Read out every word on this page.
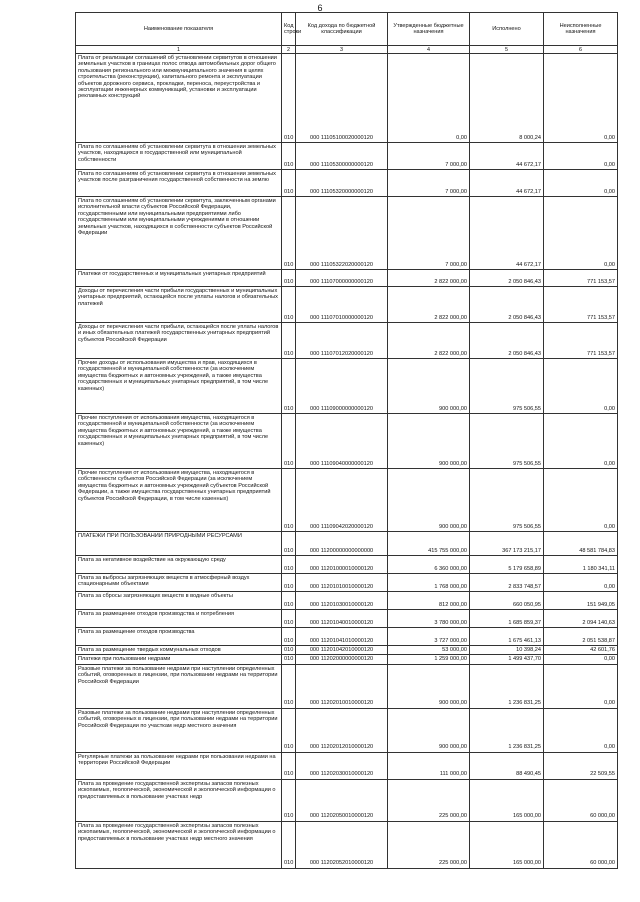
6
Наименование показателя	Код строки	Код дохода по бюджетной классификации	Утвержденные бюджетные назначения	Исполнено	Неисполненные назначения
1	2	3	4	5	6
Плата от реализации соглашений об установлении сервитутов в отношении земельных участков в границах полос отвода автомобильных дорог общего пользования регионального или межмуниципального значения в целях строительства (реконструкции), капитального ремонта и эксплуатации объектов дорожного сервиса, прокладки, переноса, переустройства и эксплуатации инженерных коммуникаций, установки и эксплуатации рекламных конструкций	010	000 11105100020000120	0,00	8 000,24	0,00
Плата по соглашениям об установлении сервитута в отношении земельных участков, находящихся в государственной или муниципальной собственности	010	000 11105300000000120	7 000,00	44 672,17	0,00
Плата по соглашениям об установлении сервитута в отношении земельных участков после разграничения государственной собственности на землю	010	000 11105320000000120	7 000,00	44 672,17	0,00
Плата по соглашениям об установлении сервитута, заключенным органами исполнительной власти субъектов Российской Федерации, государственными или муниципальными предприятиями либо государственными или муниципальными учреждениями в отношении земельных участков, находящихся в собственности субъектов Российской Федерации	010	000 11105322020000120	7 000,00	44 672,17	0,00
Платежи от государственных и муниципальных унитарных предприятий	010	000 11107000000000120	2 822 000,00	2 050 846,43	771 153,57
Доходы от перечисления части прибыли государственных и муниципальных унитарных предприятий, остающейся после уплаты налогов и обязательных платежей	010	000 11107010000000120	2 822 000,00	2 050 846,43	771 153,57
Доходы от перечисления части прибыли, остающейся после уплаты налогов и иных обязательных платежей государственных унитарных предприятий субъектов Российской Федерации	010	000 11107012020000120	2 822 000,00	2 050 846,43	771 153,57
Прочие доходы от использования имущества и прав, находящихся в государственной и муниципальной собственности (за исключением имущества бюджетных и автономных учреждений, а также имущества государственных и муниципальных унитарных предприятий, в том числе казенных)	010	000 11109000000000120	900 000,00	975 506,55	0,00
Прочие поступления от использования имущества, находящегося в государственной и муниципальной собственности (за исключением имущества бюджетных и автономных учреждений, а также имущества государственных и муниципальных унитарных предприятий, в том числе казенных)	010	000 11109040000000120	900 000,00	975 506,55	0,00
Прочие поступления от использования имущества, находящегося в собственности субъектов Российской Федерации (за исключением имущества бюджетных и автономных учреждений субъектов Российской Федерации, а также имущества государственных унитарных предприятий субъектов Российской Федерации, в том числе казенных)	010	000 11109042020000120	900 000,00	975 506,55	0,00
ПЛАТЕЖИ ПРИ ПОЛЬЗОВАНИИ ПРИРОДНЫМИ РЕСУРСАМИ	010	000 11200000000000000	415 755 000,00	367 173 215,17	48 581 784,83
Плата за негативное воздействие на окружающую среду	010	000 11201000010000120	6 360 000,00	5 179 658,89	1 180 341,11
Плата за выбросы загрязняющих веществ в атмосферный воздух стационарными объектами	010	000 11201010010000120	1 768 000,00	2 833 748,57	0,00
Плата за сбросы загрязняющих веществ в водные объекты	010	000 11201030010000120	812 000,00	660 050,95	151 949,05
Плата за размещение отходов производства и потребления	010	000 11201040010000120	3 780 000,00	1 685 859,37	2 094 140,63
Плата за размещение отходов производства	010	000 11201041010000120	3 727 000,00	1 675 461,13	2 051 538,87
Плата за размещение твердых коммунальных отходов	010	000 11201042010000120	53 000,00	10 398,24	42 601,76
Платежи при пользовании недрами	010	000 11202000000000120	1 259 000,00	1 499 437,70	0,00
Разовые платежи за пользование недрами при наступлении определенных событий, оговоренных в лицензии, при пользовании недрами на территории Российской Федерации	010	000 11202010010000120	900 000,00	1 236 831,25	0,00
Разовые платежи за пользование недрами при наступлении определенных событий, оговоренных в лицензии, при пользовании недрами на территории Российской Федерации по участкам недр местного значения	010	000 11202012010000120	900 000,00	1 236 831,25	0,00
Регулярные платежи за пользование недрами при пользовании недрами на территории Российской Федерации	010	000 11202030010000120	111 000,00	88 490,45	22 509,55
Плата за проведение государственной экспертизы запасов полезных ископаемых, геологической, экономической и экологической информации о предоставляемых в пользование участках недр	010	000 11202050010000120	225 000,00	165 000,00	60 000,00
Плата за проведение государственной экспертизы запасов полезных ископаемых, геологической, экономической и экологической информации о предоставляемых в пользование участках недр местного значения	010	000 11202052010000120	225 000,00	165 000,00	60 000,00
